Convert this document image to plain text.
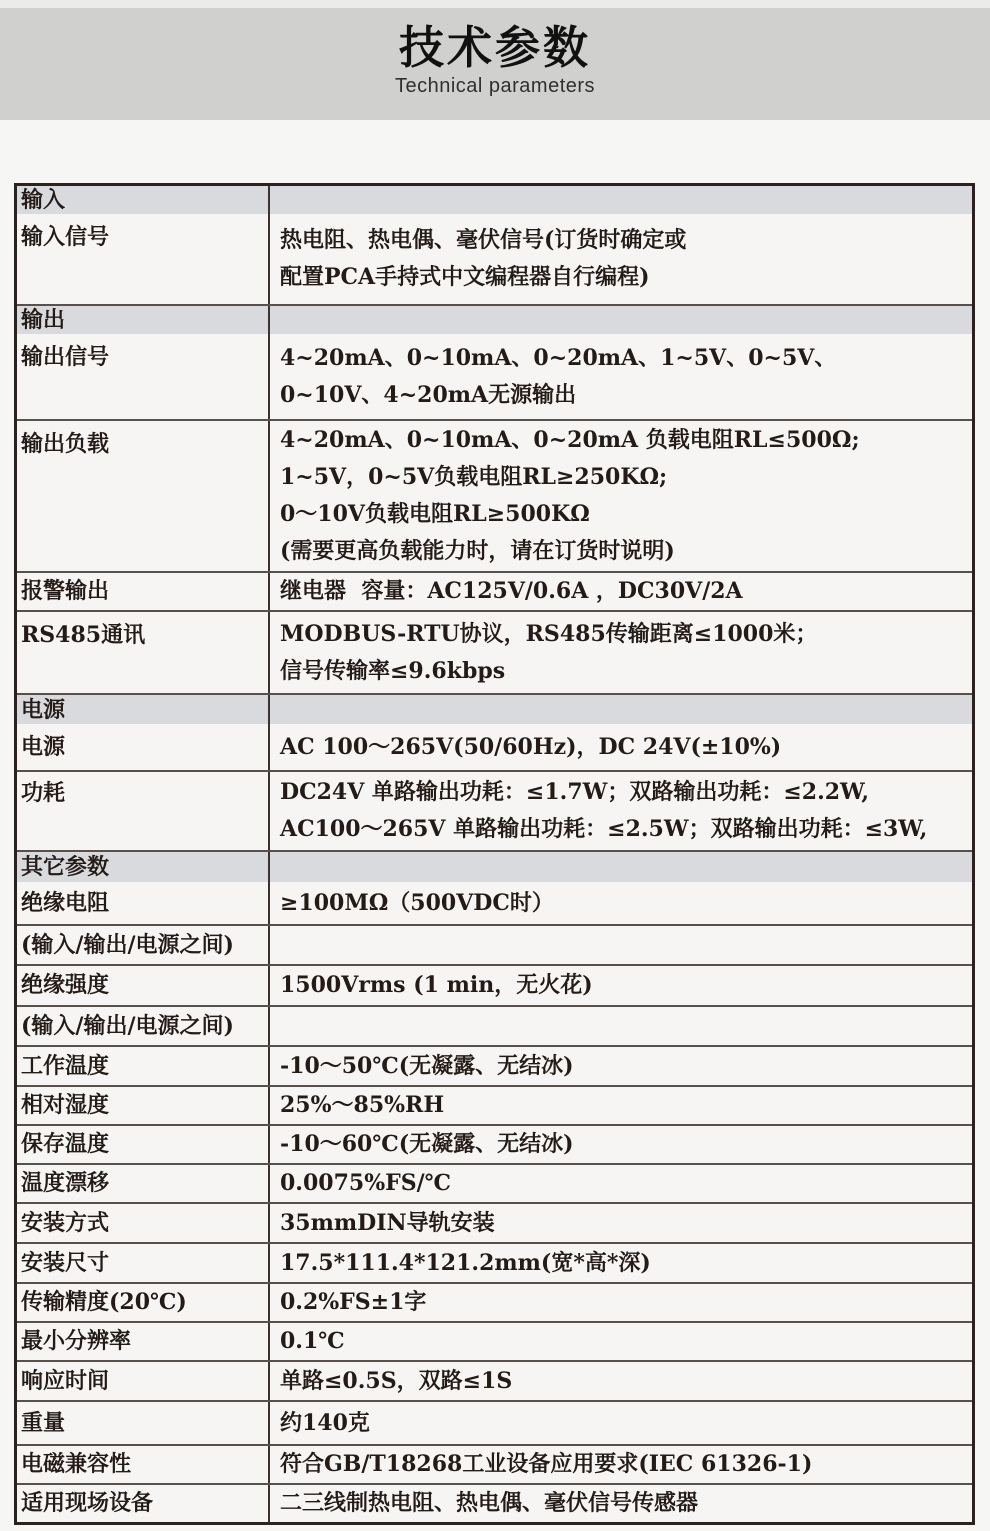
技术参数
Technical parameters
输入
输入信号	热电阻、热电偶、毫伏信号(订货时确定或
配置PCA手持式中文编程器自行编程)
输出
输出信号	4~20mA、0~10mA、0~20mA、1~5V、0~5V、
0~10V、4~20mA无源输出
输出负载	4~20mA、0~10mA、0~20mA 负载电阻RL≤500Ω;
1~5V，0~5V负载电阻RL≥250KΩ;
0～10V负载电阻RL≥500KΩ
(需要更高负载能力时，请在订货时说明)
报警输出	继电器  容量：AC125V/0.6A ，DC30V/2A
RS485通讯	MODBUS-RTU协议，RS485传输距离≤1000米；
信号传输率≤9.6kbps
电源
电源	AC 100～265V(50/60Hz)，DC 24V(±10%)
功耗	DC24V 单路输出功耗：≤1.7W；双路输出功耗：≤2.2W,
AC100～265V 单路输出功耗：≤2.5W；双路输出功耗：≤3W,
其它参数
绝缘电阻	≥100MΩ（500VDC时）
(输入/输出/电源之间)
绝缘强度	1500Vrms (1 min，无火花)
(输入/输出/电源之间)
工作温度	-10～50℃(无凝露、无结冰)
相对湿度	25%～85%RH
保存温度	-10～60℃(无凝露、无结冰)
温度漂移	0.0075%FS/℃
安装方式	35mmDIN导轨安装
安装尺寸	17.5*111.4*121.2mm(宽*高*深)
传输精度(20℃)	0.2%FS±1字
最小分辨率	0.1℃
响应时间	单路≤0.5S，双路≤1S
重量	约140克
电磁兼容性	符合GB/T18268工业设备应用要求(IEC 61326-1)
适用现场设备	二三线制热电阻、热电偶、毫伏信号传感器
